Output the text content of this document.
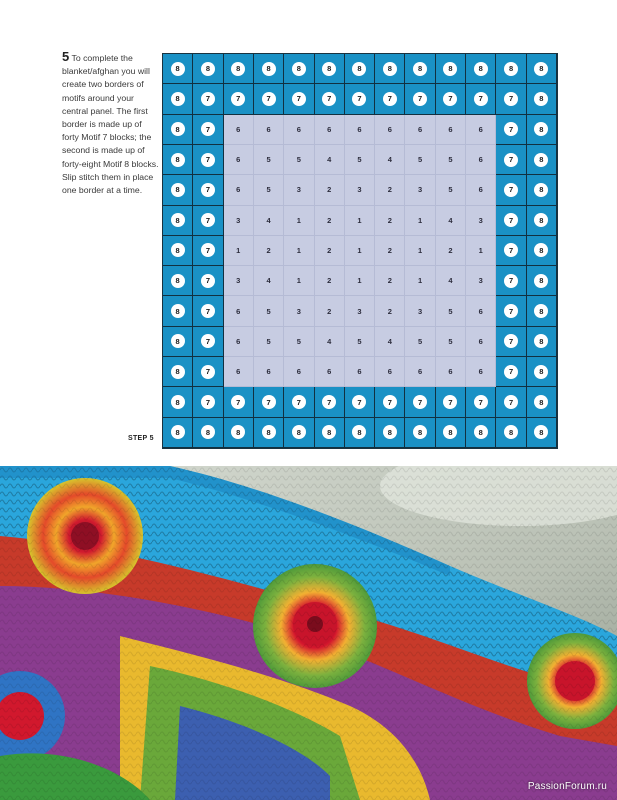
5 To complete the blanket/afghan you will create two borders of motifs around your central panel. The first border is made up of forty Motif 7 blocks; the second is made up of forty-eight Motif 8 blocks. Slip stitch them in place one border at a time.
STEP 5
8	8	8	8	8	8	8	8	8	8	8	8	8
8	7	7	7	7	7	7	7	7	7	7	7	8
8	7	6	6	6	6	6	6	6	6	6	7	8
8	7	6	5	5	4	5	4	5	5	6	7	8
8	7	6	5	3	2	3	2	3	5	6	7	8
8	7	3	4	1	2	1	2	1	4	3	7	8
8	7	1	2	1	2	1	2	1	2	1	7	8
8	7	3	4	1	2	1	2	1	4	3	7	8
8	7	6	5	3	2	3	2	3	5	6	7	8
8	7	6	5	5	4	5	4	5	5	6	7	8
8	7	6	6	6	6	6	6	6	6	6	7	8
8	7	7	7	7	7	7	7	7	7	7	7	8
8	8	8	8	8	8	8	8	8	8	8	8	8
PassionForum.ru
